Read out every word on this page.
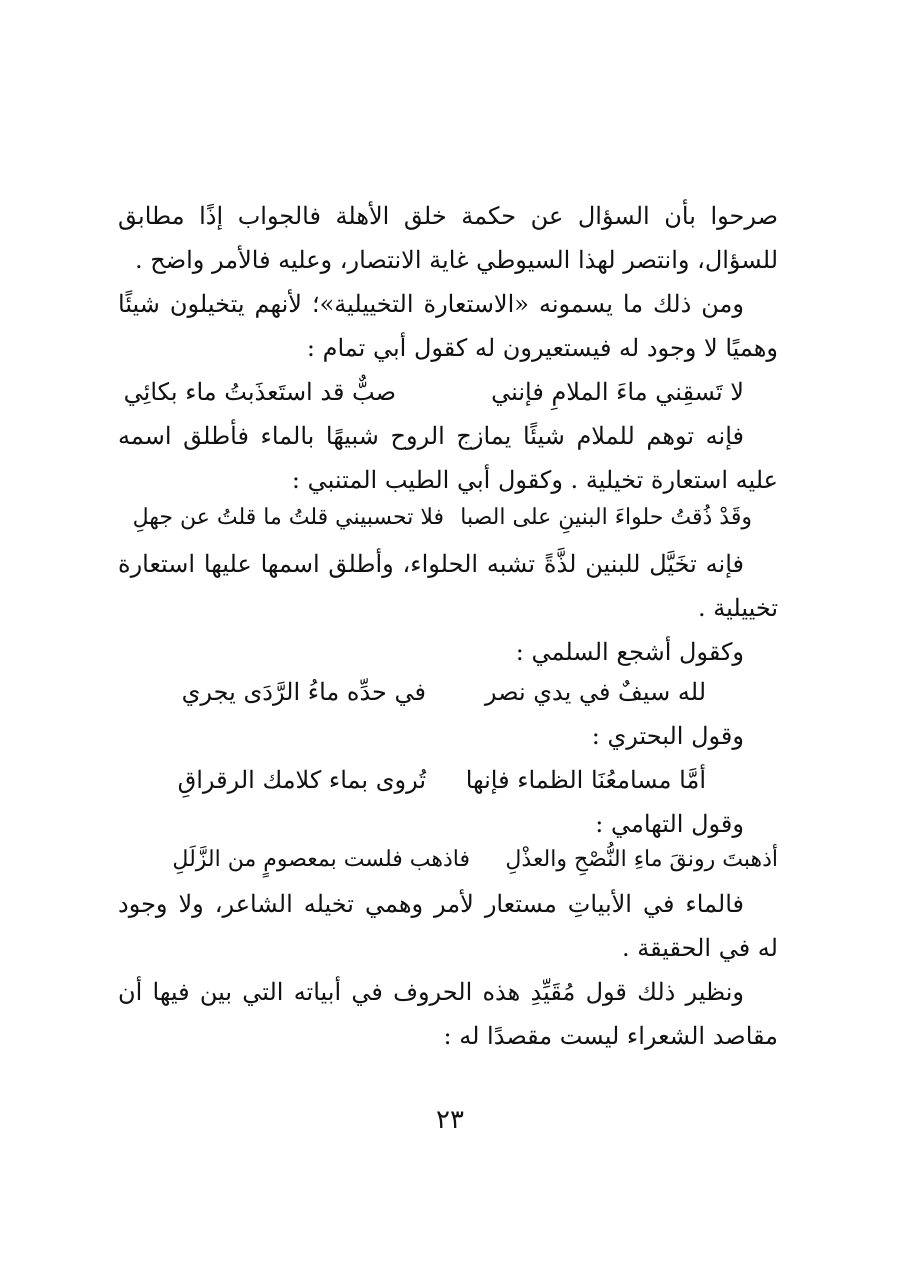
صرحوا بأن السؤال عن حكمة خلق الأهلة فالجواب إذًا مطابق
للسؤال، وانتصر لهذا السيوطي غاية الانتصار، وعليه فالأمر واضح .
ومن ذلك ما يسمونه «الاستعارة التخييلية»؛ لأنهم يتخيلون شيئًا
وهميًا لا وجود له فيستعيرون له كقول أبي تمام :
لا تَسقِني ماءَ الملامِ فإنني
صبٌّ قد استَعذَبتُ ماء بكائِي
فإنه توهم للملام شيئًا يمازج الروح شبيهًا بالماء فأطلق اسمه
عليه استعارة تخيلية . وكقول أبي الطيب المتنبي :
وقَدْ ذُقتُ حلواءَ البنينِ على الصبا
فلا تحسبيني قلتُ ما قلتُ عن جهلِ
فإنه تخَيَّل للبنين لذَّةً تشبه الحلواء، وأطلق اسمها عليها استعارة
تخييلية .
وكقول أشجع السلمي :
لله سيفٌ في يدي نصر
في حدِّه ماءُ الرَّدَى يجري
وقول البحتري :
أمَّا مسامعُنَا الظماء فإنها
تُروى بماء كلامك الرقراقِ
وقول التهامي :
أذهبتَ رونقَ ماءِ النُّصْحِ والعذْلِ
فاذهب فلست بمعصومٍ من الزَّلَلِ
فالماء في الأبياتِ مستعار لأمر وهمي تخيله الشاعر، ولا وجود
له في الحقيقة .
ونظير ذلك قول مُقَيِّدِ هذه الحروف في أبياته التي بين فيها أن
مقاصد الشعراء ليست مقصدًا له :
٢٣
